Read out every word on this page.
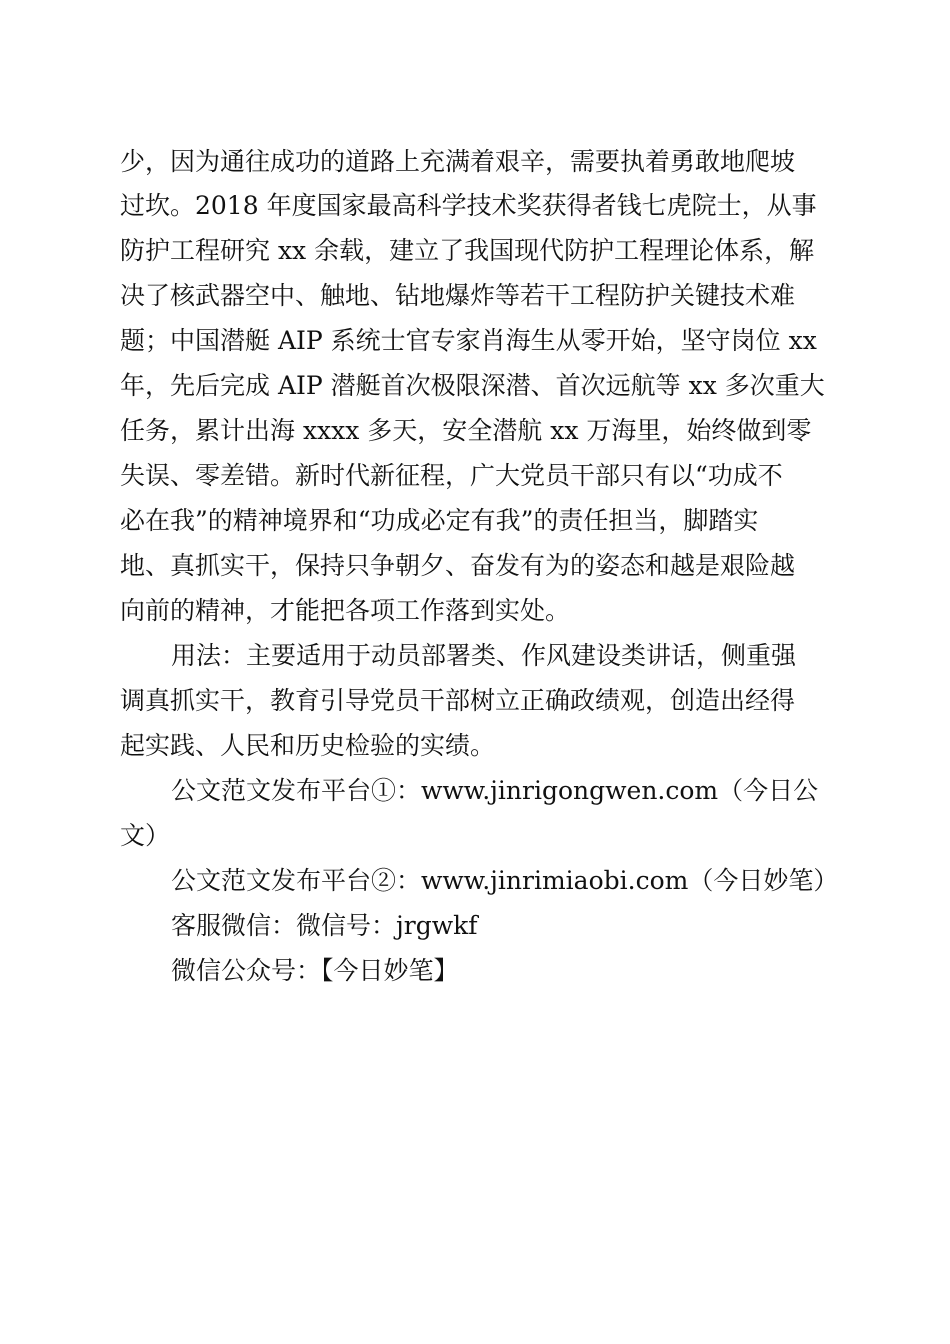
少，因为通往成功的道路上充满着艰辛，需要执着勇敢地爬坡
过坎。2018 年度国家最高科学技术奖获得者钱七虎院士，从事
防护工程研究 xx 余载，建立了我国现代防护工程理论体系，解
决了核武器空中、触地、钻地爆炸等若干工程防护关键技术难
题；中国潜艇 AIP 系统士官专家肖海生从零开始，坚守岗位 xx
年，先后完成 AIP 潜艇首次极限深潜、首次远航等 xx 多次重大
任务，累计出海 xxxx 多天，安全潜航 xx 万海里，始终做到零
失误、零差错。新时代新征程，广大党员干部只有以“功成不
必在我”的精神境界和“功成必定有我”的责任担当，脚踏实
地、真抓实干，保持只争朝夕、奋发有为的姿态和越是艰险越
向前的精神，才能把各项工作落到实处。
用法：主要适用于动员部署类、作风建设类讲话，侧重强
调真抓实干，教育引导党员干部树立正确政绩观，创造出经得
起实践、人民和历史检验的实绩。
公文范文发布平台①：www.jinrigongwen.com（今日公
文）
公文范文发布平台②：www.jinrimiaobi.com（今日妙笔）
客服微信：微信号：jrgwkf
微信公众号：【今日妙笔】
